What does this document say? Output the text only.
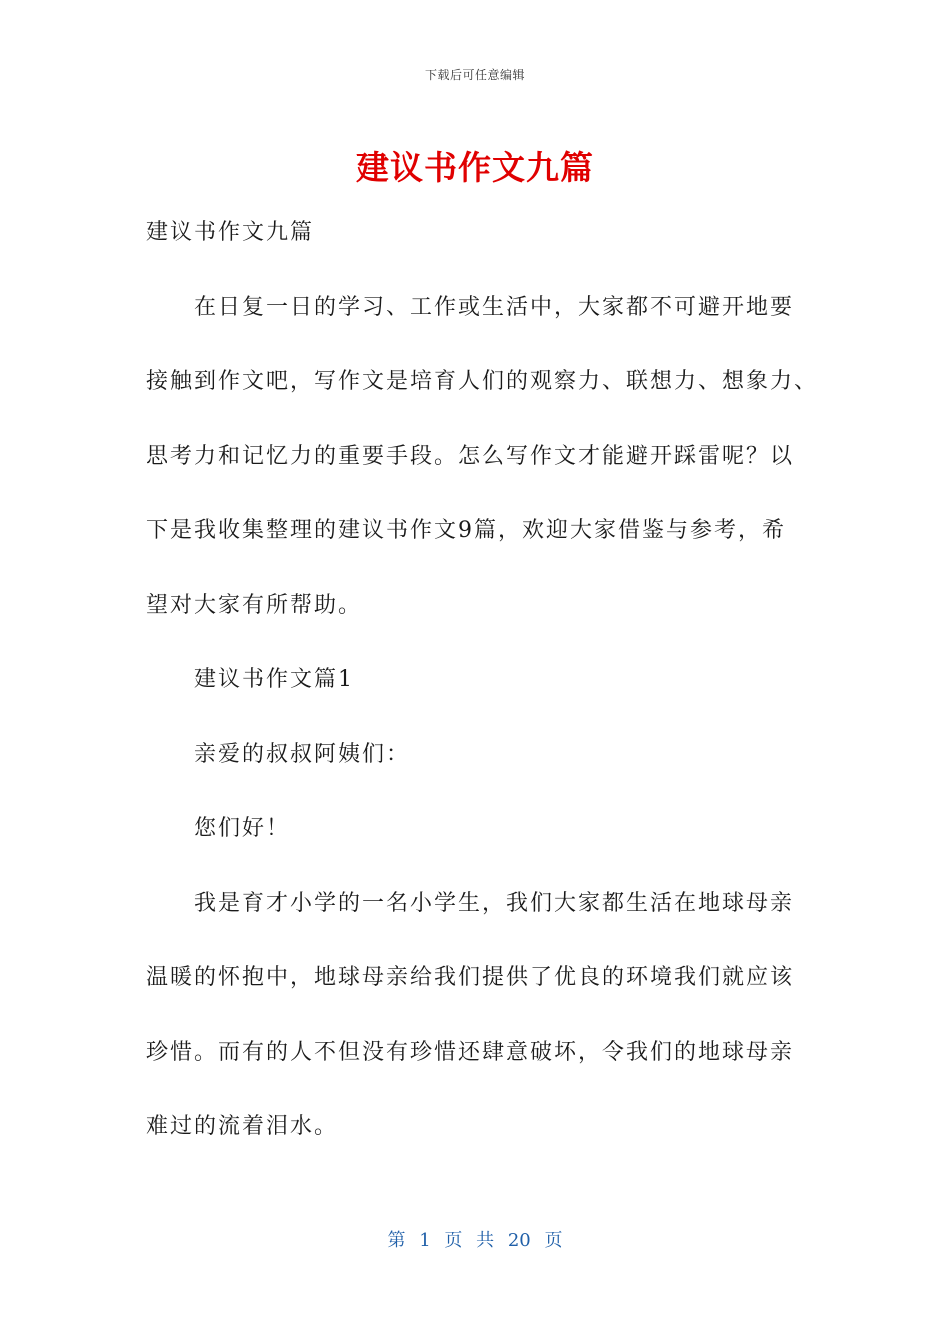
下载后可任意编辑
建议书作文九篇

建议书作文九篇

在日复一日的学习、工作或生活中，大家都不可避开地要

接触到作文吧，写作文是培育人们的观察力、联想力、想象力、

思考力和记忆力的重要手段。怎么写作文才能避开踩雷呢？以

下是我收集整理的建议书作文9篇，欢迎大家借鉴与参考，希

望对大家有所帮助。

建议书作文篇1

亲爱的叔叔阿姨们：

您们好！

我是育才小学的一名小学生，我们大家都生活在地球母亲

温暖的怀抱中，地球母亲给我们提供了优良的环境我们就应该

珍惜。而有的人不但没有珍惜还肆意破坏，令我们的地球母亲

难过的流着泪水。

第 1 页 共 20 页
